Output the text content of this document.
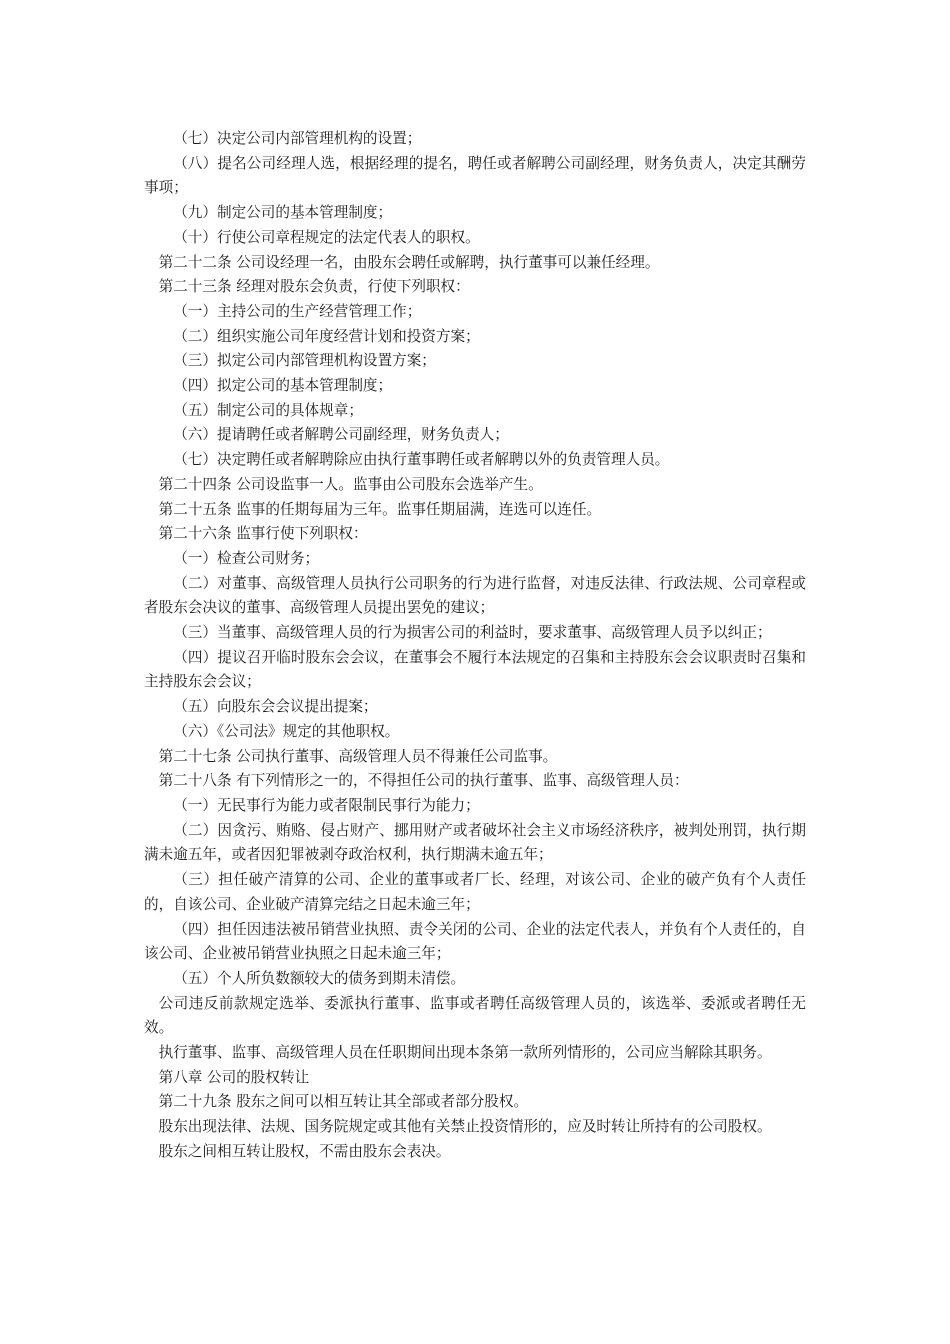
（七）决定公司内部管理机构的设置；

（八）提名公司经理人选，根据经理的提名，聘任或者解聘公司副经理，财务负责人，决定其酬劳事项；

（九）制定公司的基本管理制度；

（十）行使公司章程规定的法定代表人的职权。

第二十二条 公司设经理一名，由股东会聘任或解聘，执行董事可以兼任经理。

第二十三条 经理对股东会负责，行使下列职权：

（一）主持公司的生产经营管理工作；

（二）组织实施公司年度经营计划和投资方案；

（三）拟定公司内部管理机构设置方案；

（四）拟定公司的基本管理制度；

（五）制定公司的具体规章；

（六）提请聘任或者解聘公司副经理，财务负责人；

（七）决定聘任或者解聘除应由执行董事聘任或者解聘以外的负责管理人员。

第二十四条 公司设监事一人。监事由公司股东会选举产生。

第二十五条 监事的任期每届为三年。监事任期届满，连选可以连任。

第二十六条 监事行使下列职权：

（一）检查公司财务；

（二）对董事、高级管理人员执行公司职务的行为进行监督，对违反法律、行政法规、公司章程或者股东会决议的董事、高级管理人员提出罢免的建议；

（三）当董事、高级管理人员的行为损害公司的利益时，要求董事、高级管理人员予以纠正；

（四）提议召开临时股东会会议，在董事会不履行本法规定的召集和主持股东会会议职责时召集和主持股东会会议；

（五）向股东会会议提出提案；

（六）《公司法》规定的其他职权。

第二十七条 公司执行董事、高级管理人员不得兼任公司监事。

第二十八条 有下列情形之一的，不得担任公司的执行董事、监事、高级管理人员：

（一）无民事行为能力或者限制民事行为能力；

（二）因贪污、贿赂、侵占财产、挪用财产或者破坏社会主义市场经济秩序，被判处刑罚，执行期满未逾五年，或者因犯罪被剥夺政治权利，执行期满未逾五年；

（三）担任破产清算的公司、企业的董事或者厂长、经理，对该公司、企业的破产负有个人责任的，自该公司、企业破产清算完结之日起未逾三年；

（四）担任因违法被吊销营业执照、责令关闭的公司、企业的法定代表人，并负有个人责任的，自该公司、企业被吊销营业执照之日起未逾三年；

（五）个人所负数额较大的债务到期未清偿。

公司违反前款规定选举、委派执行董事、监事或者聘任高级管理人员的，该选举、委派或者聘任无效。

执行董事、监事、高级管理人员在任职期间出现本条第一款所列情形的，公司应当解除其职务。

第八章 公司的股权转让

第二十九条 股东之间可以相互转让其全部或者部分股权。

股东出现法律、法规、国务院规定或其他有关禁止投资情形的，应及时转让所持有的公司股权。

股东之间相互转让股权，不需由股东会表决。
